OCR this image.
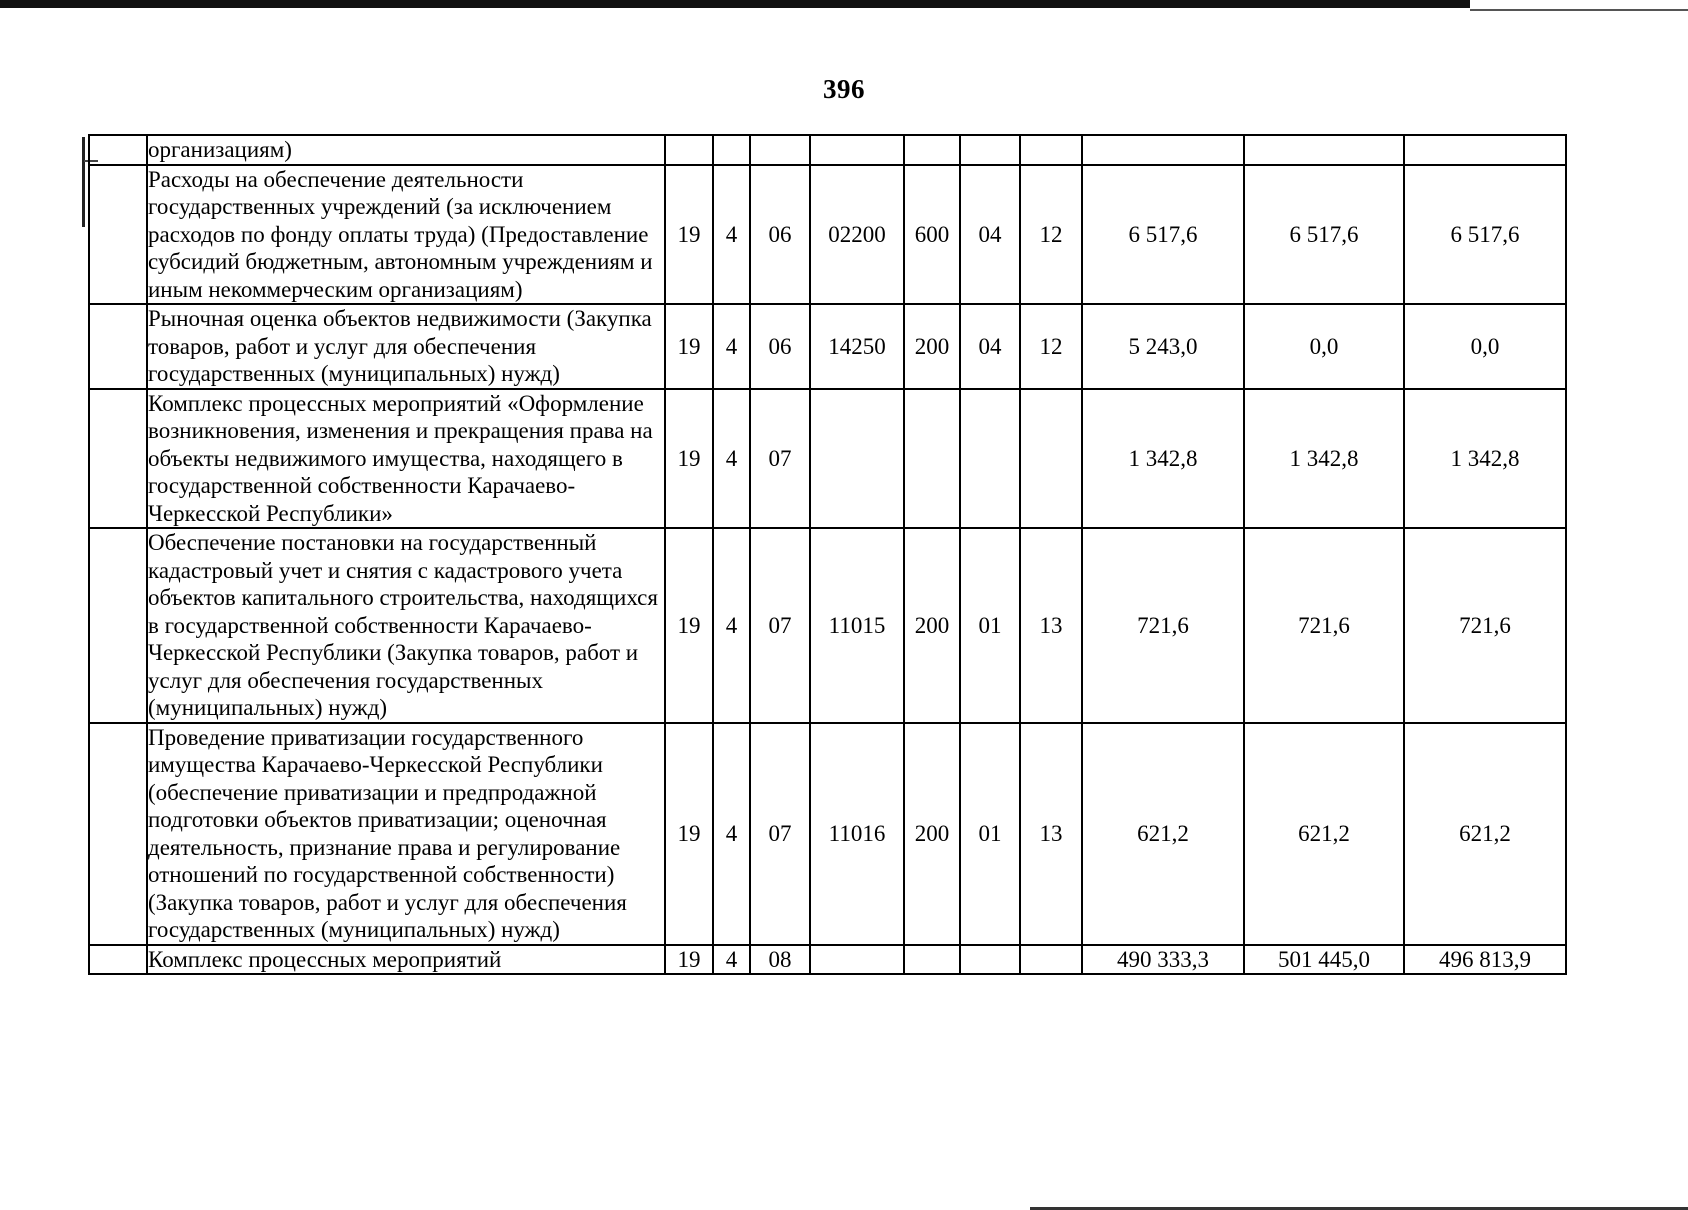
396
	организациям)										
	Расходы на обеспечение деятельности государственных учреждений (за исключением расходов по фонду оплаты труда) (Предоставление субсидий бюджетным, автономным учреждениям и иным некоммерческим организациям)	19	4	06	02200	600	04	12	6 517,6	6 517,6	6 517,6
	Рыночная оценка объектов недвижимости (Закупка товаров, работ и услуг для обеспечения государственных (муниципальных) нужд)	19	4	06	14250	200	04	12	5 243,0	0,0	0,0
	Комплекс процессных мероприятий «Оформление возникновения, изменения и прекращения права на объекты недвижимого имущества, находящего в государственной собственности Карачаево-Черкесской Республики»	19	4	07					1 342,8	1 342,8	1 342,8
	Обеспечение постановки на государственный кадастровый учет и снятия с кадастрового учета объектов капитального строительства, находящихся в государственной собственности Карачаево-Черкесской Республики (Закупка товаров, работ и услуг для обеспечения государственных (муниципальных) нужд)	19	4	07	11015	200	01	13	721,6	721,6	721,6
	Проведение приватизации государственного имущества Карачаево-Черкесской Республики (обеспечение приватизации и предпродажной подготовки объектов приватизации; оценочная деятельность, признание права и регулирование отношений по государственной собственности) (Закупка товаров, работ и услуг для обеспечения государственных (муниципальных) нужд)	19	4	07	11016	200	01	13	621,2	621,2	621,2
	Комплекс процессных мероприятий	19	4	08					490 333,3	501 445,0	496 813,9
